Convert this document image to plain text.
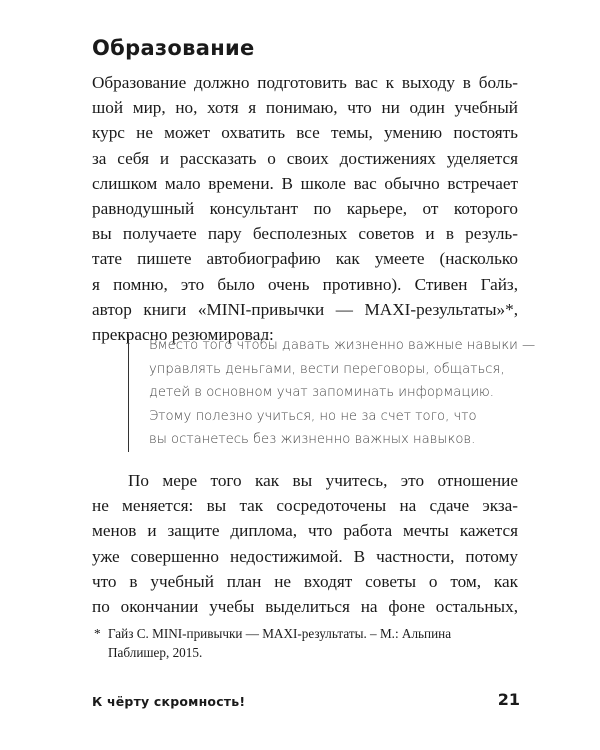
Образование

Образование должно подготовить вас к выходу в боль-
шой мир, но, хотя я понимаю, что ни один учебный
курс не может охватить все темы, умению постоять
за себя и рассказать о своих достижениях уделяется
слишком мало времени. В школе вас обычно встречает
равнодушный консультант по карьере, от которого
вы получаете пару бесполезных советов и в резуль-
тате пишете автобиографию как умеете (насколько
я помню, это было очень противно). Стивен Гайз,
автор книги «MINI-привычки — MAXI-результаты»*,
прекрасно резюмировал:

Вместо того чтобы давать жизненно важные навыки —
управлять деньгами, вести переговоры, общаться,
детей в основном учат запоминать информацию.
Этому полезно учиться, но не за счет того, что
вы останетесь без жизненно важных навыков.

По мере того как вы учитесь, это отношение
не меняется: вы так сосредоточены на сдаче экза-
менов и защите диплома, что работа мечты кажется
уже совершенно недостижимой. В частности, потому
что в учебный план не входят советы о том, как
по окончании учебы выделиться на фоне остальных,

* Гайз С. MINI-привычки — MAXI-результаты. – М.: Альпина
Паблишер, 2015.
К чёрту скромность!	21
